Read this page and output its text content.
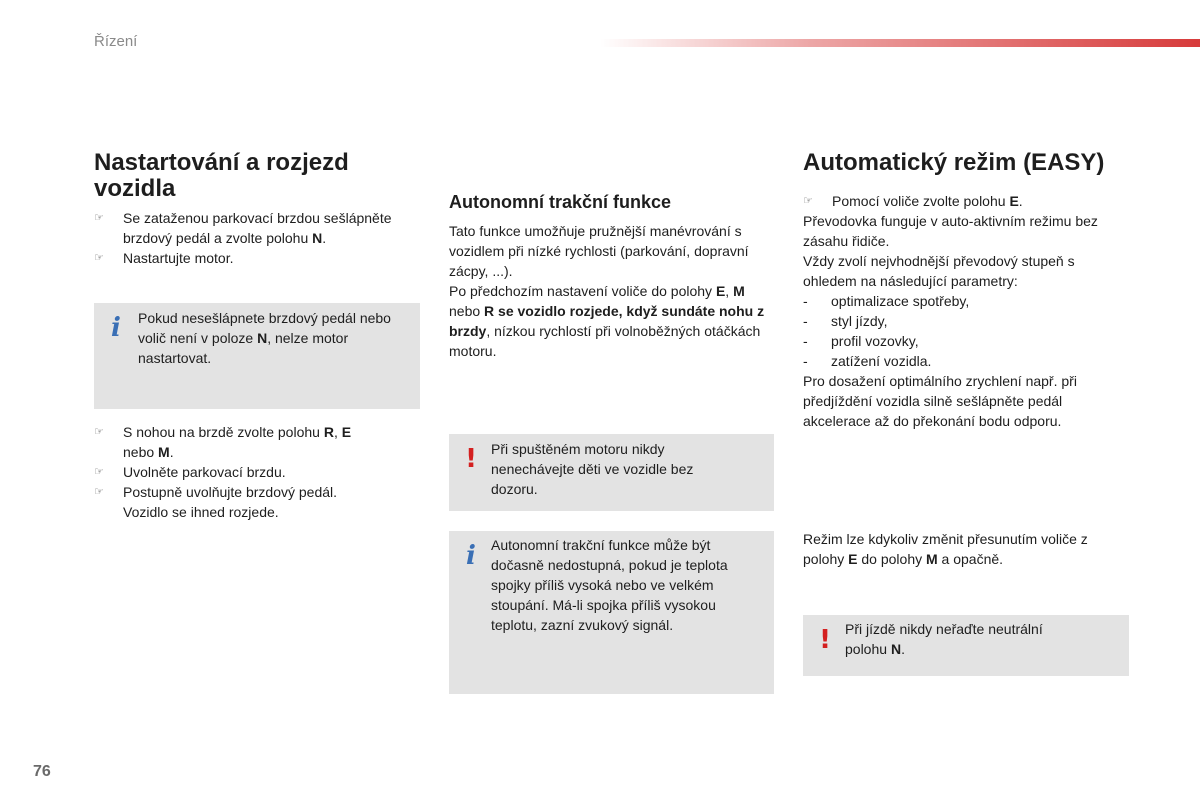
Řízení
Nastartování a rozjezd vozidla
☞ Se zataženou parkovací brzdou sešlápněte brzdový pedál a zvolte polohu N.
☞ Nastartujte motor.
i Pokud nesešlápnete brzdový pedál nebo volič není v poloze N, nelze motor nastartovat.
☞ S nohou na brzdě zvolte polohu R, E nebo M.
☞ Uvolněte parkovací brzdu.
☞ Postupně uvolňujte brzdový pedál. Vozidlo se ihned rozjede.
Autonomní trakční funkce
Tato funkce umožňuje pružnější manévrování s vozidlem při nízké rychlosti (parkování, dopravní zácpy, ...).
Po předchozím nastavení voliče do polohy E, M nebo R se vozidlo rozjede, když sundáte nohu z brzdy, nízkou rychlostí při volnoběžných otáčkách motoru.
! Při spuštěném motoru nikdy nenechávejte děti ve vozidle bez dozoru.
i Autonomní trakční funkce může být dočasně nedostupná, pokud je teplota spojky příliš vysoká nebo ve velkém stoupání. Má-li spojka příliš vysokou teplotu, zazní zvukový signál.
Automatický režim (EASY)
☞ Pomocí voliče zvolte polohu E.
Převodovka funguje v auto-aktivním režimu bez zásahu řidiče.
Vždy zvolí nejvhodnější převodový stupeň s ohledem na následující parametry:
- optimalizace spotřeby,
- styl jízdy,
- profil vozovky,
- zatížení vozidla.
Pro dosažení optimálního zrychlení např. při předjíždění vozidla silně sešlápněte pedál akcelerace až do překonání bodu odporu.
Režim lze kdykoliv změnit přesunutím voliče z polohy E do polohy M a opačně.
! Při jízdě nikdy neřaďte neutrální polohu N.
76
